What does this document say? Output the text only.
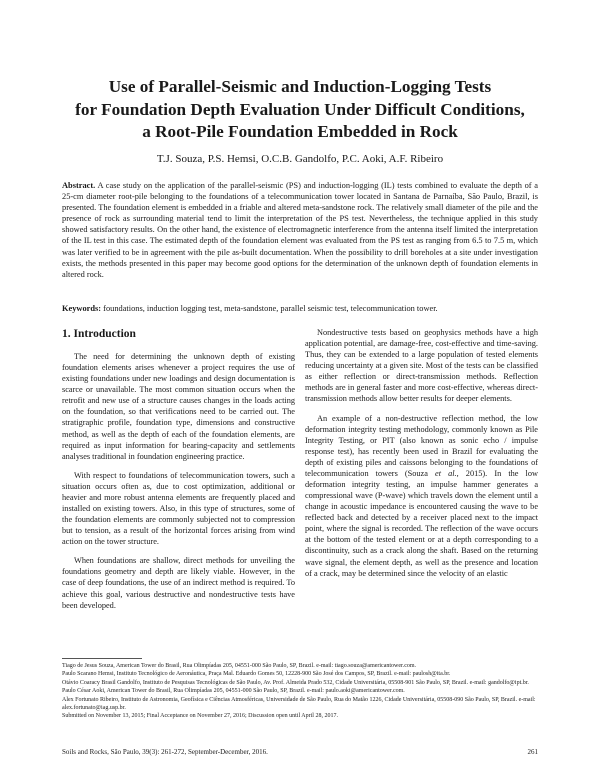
Use of Parallel-Seismic and Induction-Logging Tests
for Foundation Depth Evaluation Under Difficult Conditions,
a Root-Pile Foundation Embedded in Rock
T.J. Souza, P.S. Hemsi, O.C.B. Gandolfo, P.C. Aoki, A.F. Ribeiro
Abstract. A case study on the application of the parallel-seismic (PS) and induction-logging (IL) tests combined to evaluate the depth of a 25-cm diameter root-pile belonging to the foundations of a telecommunication tower located in Santana de Parnaíba, São Paulo, Brazil, is presented. The foundation element is embedded in a friable and altered meta-sandstone rock. The relatively small diameter of the pile and the presence of rock as surrounding material tend to limit the interpretation of the PS test. Nevertheless, the technique applied in this study showed satisfactory results. On the other hand, the existence of electromagnetic interference from the antenna itself limited the interpretation of the IL test in this case. The estimated depth of the foundation element was evaluated from the PS test as ranging from 6.5 to 7.5 m, which was later verified to be in agreement with the pile as-built documentation. When the possibility to drill boreholes at a site under investigation exists, the methods presented in this paper may become good options for the determination of the unknown depth of foundation elements in altered rock.
Keywords: foundations, induction logging test, meta-sandstone, parallel seismic test, telecommunication tower.
1. Introduction

The need for determining the unknown depth of existing foundation elements arises whenever a project requires the use of existing foundations under new loadings and design documentation is scarce or unavailable. The most common situation occurs when the retrofit and new use of a structure causes changes in the loads acting on the foundation, so that verifications need to be carried out. The stratigraphic profile, foundation type, dimensions and constructive method, as well as the depth of each of the foundation elements, are required as input information for bearing-capacity and settlements analyses traditional in foundation engineering practice.

With respect to foundations of telecommunication towers, such a situation occurs often as, due to cost optimization, additional or heavier and more robust antenna elements are frequently placed and installed on existing towers. Also, in this type of structures, some of the foundation elements are commonly subjected not to compression but to tension, as a result of the horizontal forces arising from wind action on the tower structure.

When foundations are shallow, direct methods for unveiling the foundations geometry and depth are likely viable. However, in the case of deep foundations, the use of an indirect method is required. To achieve this goal, various destructive and nondestructive tests have been developed.

Nondestructive tests based on geophysics methods have a high application potential, are damage-free, cost-effective and time-saving. Thus, they can be extended to a large population of tested elements reducing uncertainty at a given site. Most of the tests can be classified as either reflection or direct-transmission methods. Reflection methods are in general faster and more cost-effective, whereas direct-transmission methods allow better results for deeper elements.

An example of a non-destructive reflection method, the low deformation integrity testing methodology, commonly known as Pile Integrity Testing, or PIT (also known as sonic echo / impulse response test), has recently been used in Brazil for evaluating the depth of existing piles and caissons belonging to the foundations of telecommunication towers (Souza et al., 2015). In the low deformation integrity testing, an impulse hammer generates a compressional wave (P-wave) which travels down the element until a change in acoustic impedance is encountered causing the wave to be reflected back and detected by a receiver placed next to the impact point, where the signal is recorded. The reflection of the wave occurs at the bottom of the tested element or at a depth corresponding to a discontinuity, such as a crack along the shaft. Based on the returning wave signal, the element depth, as well as the presence and location of a crack, may be determined since the velocity of an elastic

Tiago de Jesus Souza, American Tower do Brasil, Rua Olimpíadas 205, 04551-000 São Paulo, SP, Brazil. e-mail: tiago.souza@americantower.com.
Paulo Scarano Hemsi, Instituto Tecnológico de Aeronáutica, Praça Mal. Eduardo Gomes 50, 12228-900 São José dos Campos, SP, Brazil. e-mail: paulosh@ita.br.
Otávio Coaracy Brasil Gandolfo, Instituto de Pesquisas Tecnológicas de São Paulo, Av. Prof. Almeida Prado 532, Cidade Universitária, 05508-901 São Paulo, SP, Brazil. e-mail: gandolfo@ipt.br.
Paulo César Aoki, American Tower do Brasil, Rua Olimpíadas 205, 04551-000 São Paulo, SP, Brazil. e-mail: paulo.aoki@americantower.com.
Alex Fortunato Ribeiro, Instituto de Astronomia, Geofísica e Ciências Atmosféricas, Universidade de São Paulo, Rua do Matão 1226, Cidade Universitária, 05508-090 São Paulo, SP, Brazil. e-mail: alex.fortunato@iag.usp.br.
Submitted on November 13, 2015; Final Acceptance on November 27, 2016; Discussion open until April 28, 2017.
Soils and Rocks, São Paulo, 39(3): 261-272, September-December, 2016.	261
